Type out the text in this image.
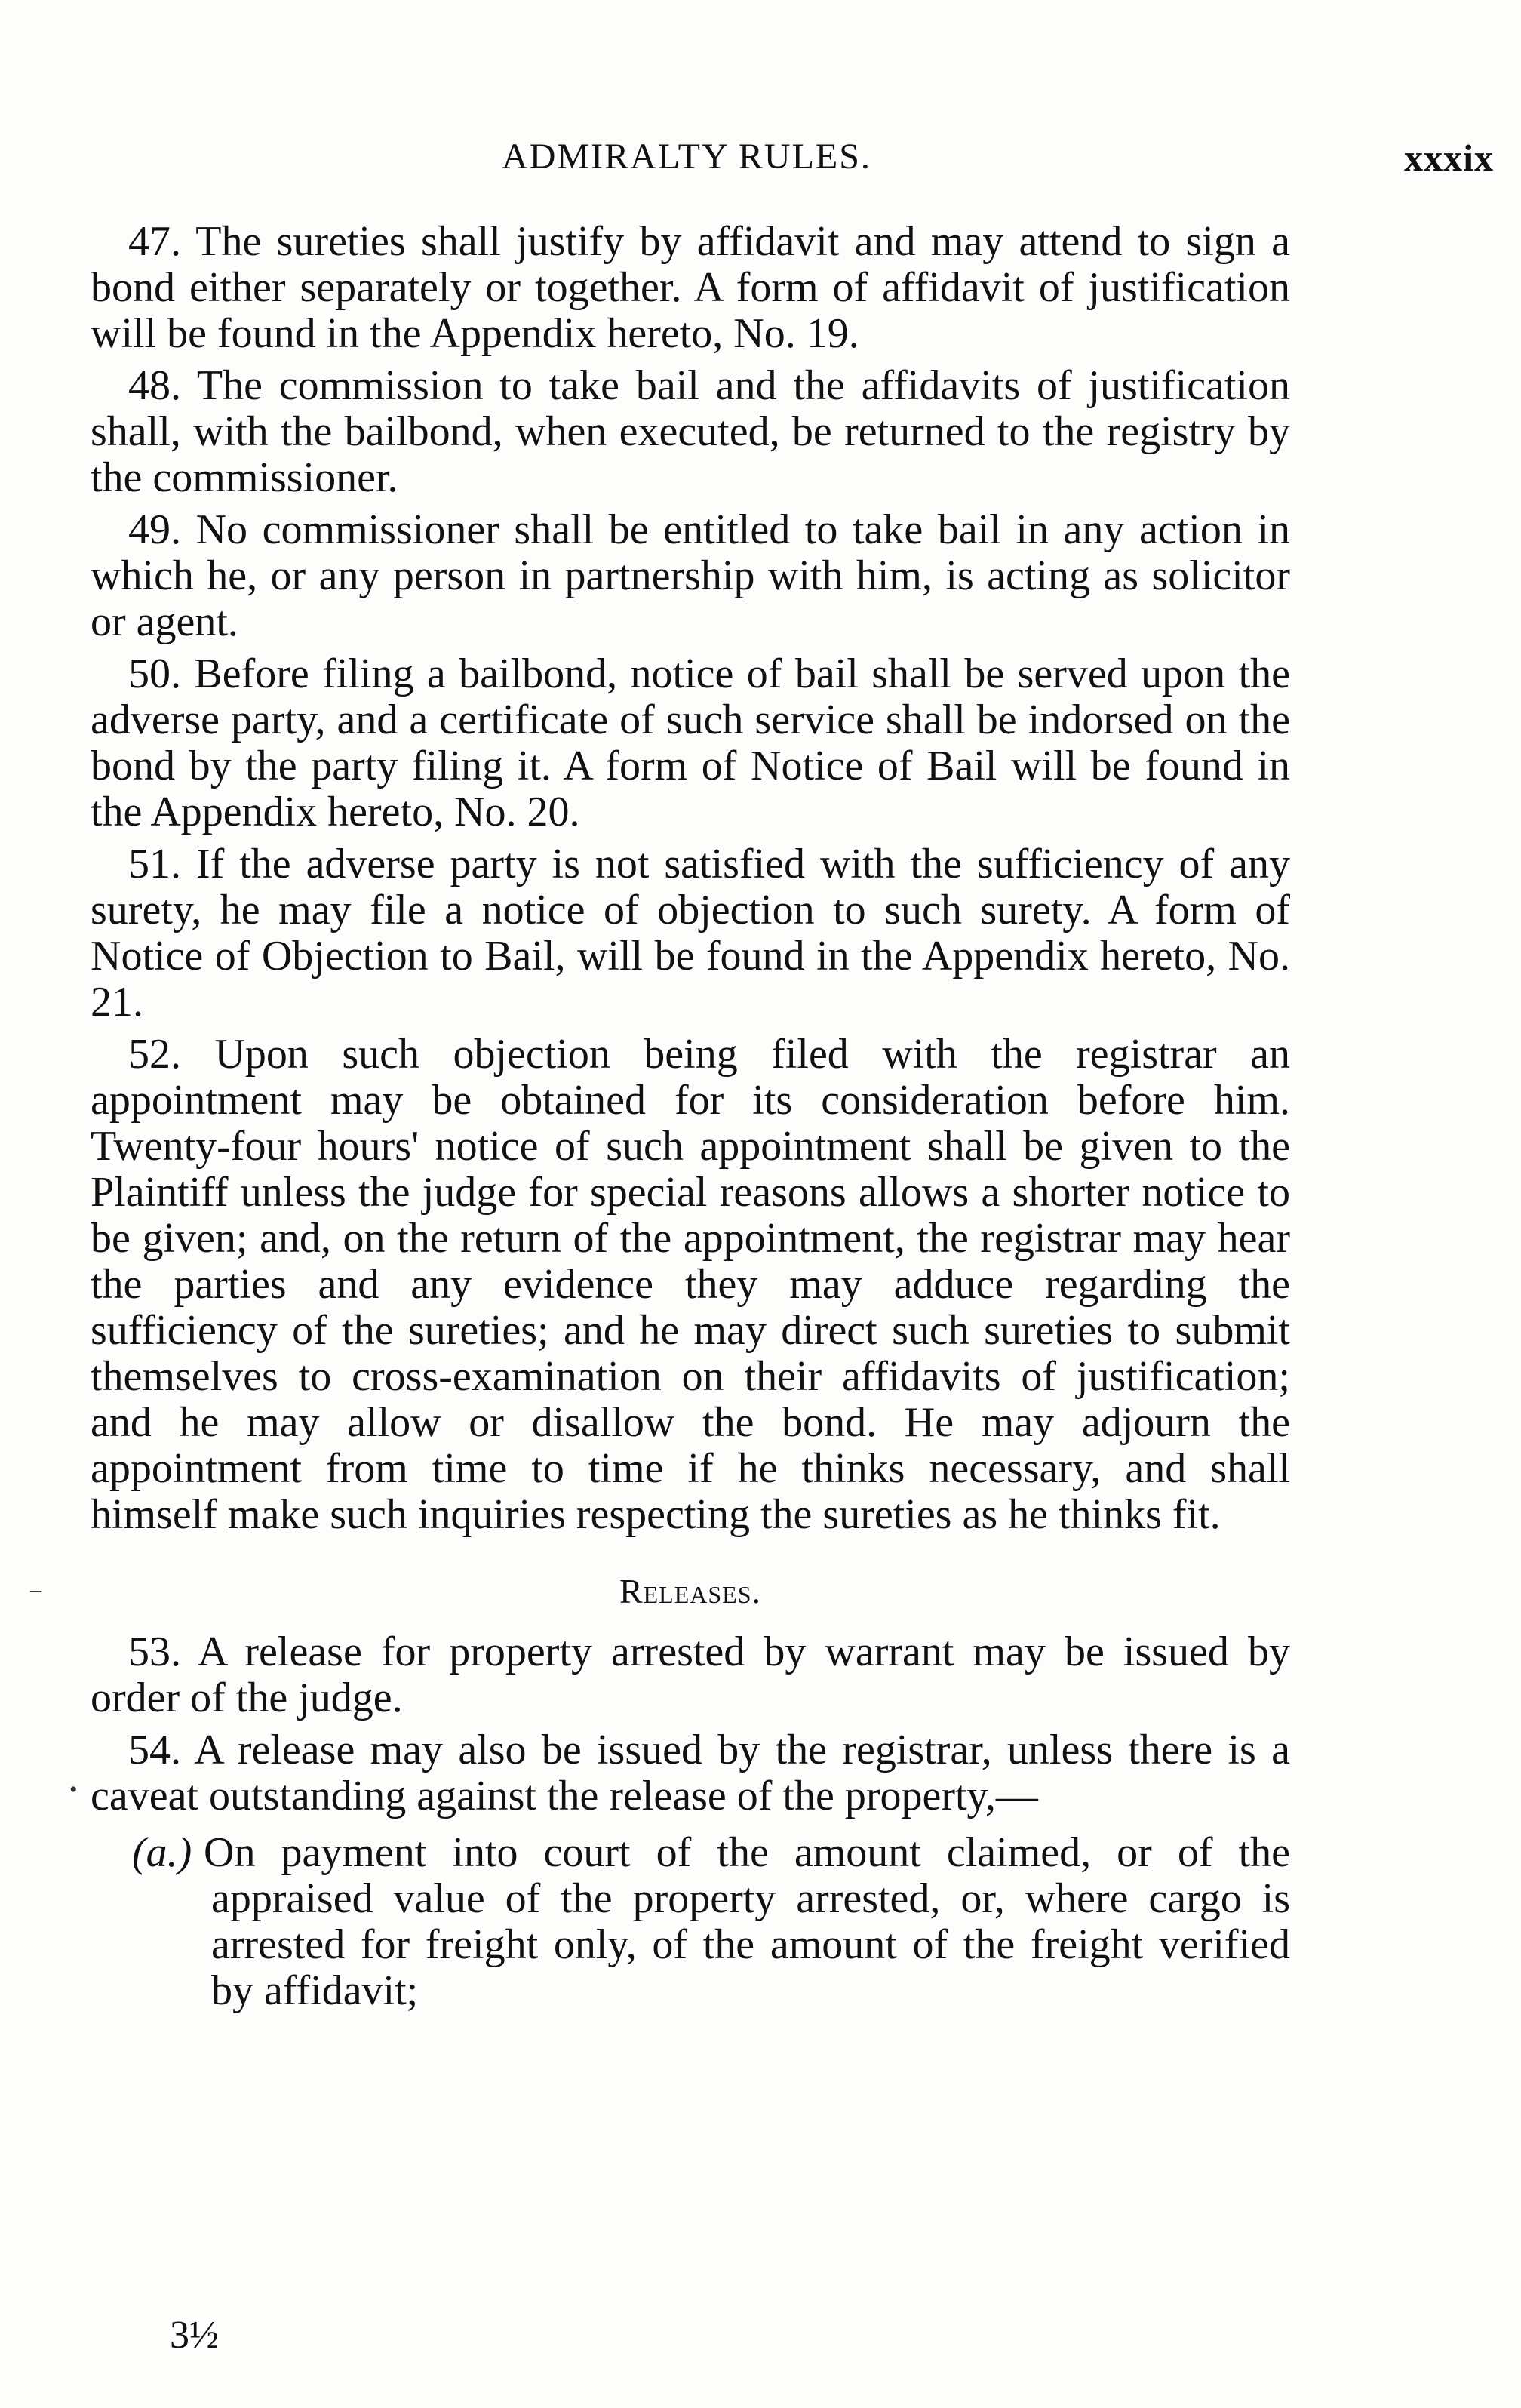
ADMIRALTY RULES.	xxxix

47. The sureties shall justify by affidavit and may attend to sign a bond either separately or together. A form of affidavit of justification will be found in the Appendix hereto, No. 19.

48. The commission to take bail and the affidavits of justification shall, with the bailbond, when executed, be returned to the registry by the commissioner.

49. No commissioner shall be entitled to take bail in any action in which he, or any person in partnership with him, is acting as solicitor or agent.

50. Before filing a bailbond, notice of bail shall be served upon the adverse party, and a certificate of such service shall be indorsed on the bond by the party filing it. A form of Notice of Bail will be found in the Appendix hereto, No. 20.

51. If the adverse party is not satisfied with the sufficiency of any surety, he may file a notice of objection to such surety. A form of Notice of Objection to Bail, will be found in the Appendix hereto, No. 21.

52. Upon such objection being filed with the registrar an appointment may be obtained for its consideration before him. Twenty-four hours' notice of such appointment shall be given to the Plaintiff unless the judge for special reasons allows a shorter notice to be given; and, on the return of the appointment, the registrar may hear the parties and any evidence they may adduce regarding the sufficiency of the sureties; and he may direct such sureties to submit themselves to cross-examination on their affidavits of justification; and he may allow or disallow the bond. He may adjourn the appointment from time to time if he thinks necessary, and shall himself make such inquiries respecting the sureties as he thinks fit.

Releases.

53. A release for property arrested by warrant may be issued by order of the judge.

54. A release may also be issued by the registrar, unless there is a caveat outstanding against the release of the property,—

(a.) On payment into court of the amount claimed, or of the appraised value of the property arrested, or, where cargo is arrested for freight only, of the amount of the freight verified by affidavit;
3½
–
•
